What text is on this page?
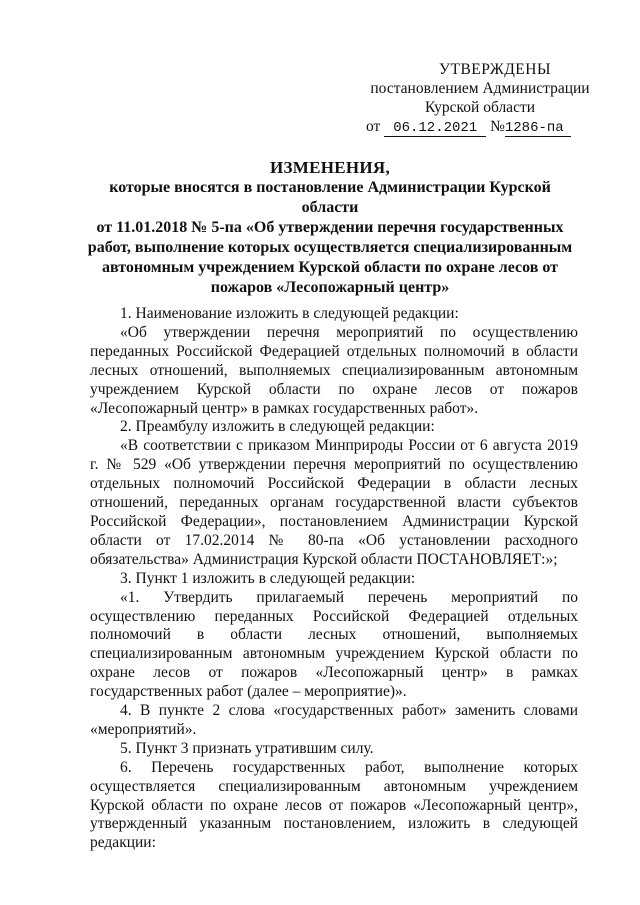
УТВЕРЖДЕНЫ
постановлением Администрации
Курской области
от 06.12.2021 №1286-па
ИЗМЕНЕНИЯ,
которые вносятся в постановление Администрации Курской области
от 11.01.2018 № 5-па «Об утверждении перечня государственных
работ, выполнение которых осуществляется специализированным
автономным учреждением Курской области по охране лесов от
пожаров «Лесопожарный центр»

1. Наименование изложить в следующей редакции:

«Об утверждении перечня мероприятий по осуществлению переданных Российской Федерацией отдельных полномочий в области лесных отношений, выполняемых специализированным автономным учреждением Курской области по охране лесов от пожаров «Лесопожарный центр» в рамках государственных работ».

2. Преамбулу изложить в следующей редакции:

«В соответствии с приказом Минприроды России от 6 августа 2019 г. № 529 «Об утверждении перечня мероприятий по осуществлению отдельных полномочий Российской Федерации в области лесных отношений, переданных органам государственной власти субъектов Российской Федерации», постановлением Администрации Курской области от 17.02.2014 № 80-па «Об установлении расходного обязательства» Администрация Курской области ПОСТАНОВЛЯЕТ:»;

3. Пункт 1 изложить в следующей редакции:

«1. Утвердить прилагаемый перечень мероприятий по осуществлению переданных Российской Федерацией отдельных полномочий в области лесных отношений, выполняемых специализированным автономным учреждением Курской области по охране лесов от пожаров «Лесопожарный центр» в рамках государственных работ (далее – мероприятие)».

4. В пункте 2 слова «государственных работ» заменить словами «мероприятий».

5. Пункт 3 признать утратившим силу.

6. Перечень государственных работ, выполнение которых осуществляется специализированным автономным учреждением Курской области по охране лесов от пожаров «Лесопожарный центр», утвержденный указанным постановлением, изложить в следующей редакции:
